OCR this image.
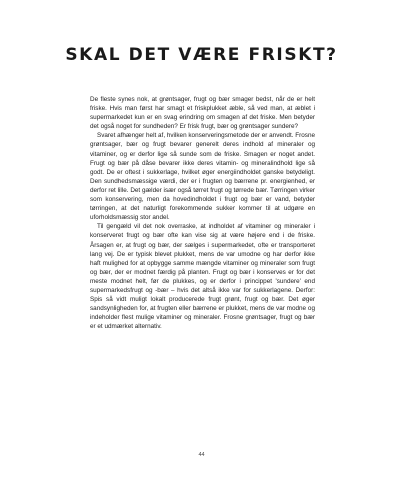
SKAL DET VÆRE FRISKT?

De fleste synes nok, at grøntsager, frugt og bær smager bedst, når de er helt friske. Hvis man først har smagt et friskplukket æble, så ved man, at æblet i supermarkedet kun er en svag erindring om smagen af det friske. Men betyder det også noget for sundheden? Er frisk frugt, bær og grøntsager sundere?

Svaret afhænger helt af, hvilken konserveringsmetode der er anvendt. Frosne grøntsager, bær og frugt bevarer generelt deres indhold af mineraler og vitaminer, og er derfor lige så sunde som de friske. Smagen er noget andet. Frugt og bær på dåse bevarer ikke deres vitamin- og mineralindhold lige så godt. De er oftest i sukkerlage, hvilket øger energiindholdet ganske betydeligt. Den sundhedsmæssige værdi, der er i frugten og bærrene pr. energienhed, er derfor ret lille. Det gælder især også tørret frugt og tørrede bær. Tørringen virker som konservering, men da hovedindholdet i frugt og bær er vand, betyder tørringen, at det naturligt forekommende sukker kommer til at udgøre en uforholdsmæssig stor andel.

Til gengæld vil det nok overraske, at indholdet af vitaminer og mineraler i konserveret frugt og bær ofte kan vise sig at være højere end i de friske. Årsagen er, at frugt og bær, der sælges i supermarkedet, ofte er transporteret lang vej. De er typisk blevet plukket, mens de var umodne og har derfor ikke haft mulighed for at opbygge samme mængde vitaminer og mineraler som frugt og bær, der er modnet færdig på planten. Frugt og bær i konserves er for det meste modnet helt, før de plukkes, og er derfor i princippet 'sundere' end supermarkedsfrugt og -bær – hvis det altså ikke var for sukkerlagene. Derfor: Spis så vidt muligt lokalt producerede frugt grønt, frugt og bær. Det øger sandsynligheden for, at frugten eller bærrene er plukket, mens de var modne og indeholder flest mulige vitaminer og mineraler. Frosne grøntsager, frugt og bær er et udmærket alternativ.

44
